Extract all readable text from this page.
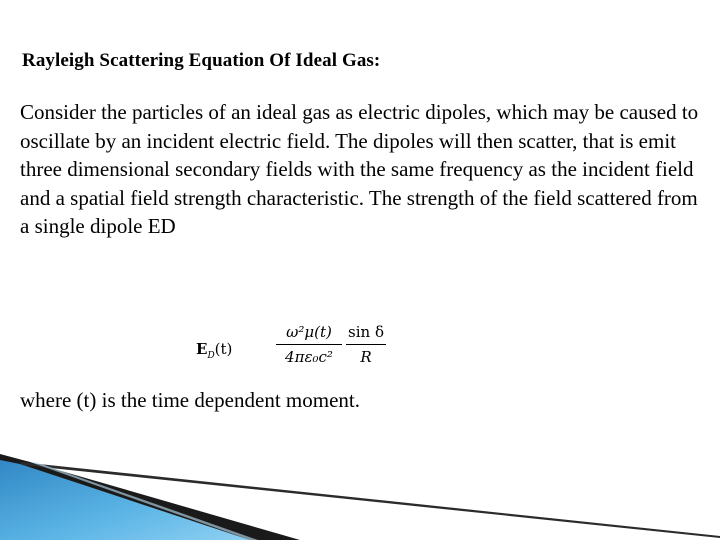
Rayleigh Scattering Equation Of Ideal Gas:
Consider the particles of an ideal gas as electric dipoles, which may be caused to oscillate by an incident electric field. The dipoles will then scatter, that is emit three dimensional secondary fields with the same frequency as the incident field and a spatial field strength characteristic. The strength of the field scattered from a single dipole ED
$E_D(t)$
ω²μ(t)
4πε₀c²
sin δ
R
where (t) is the time dependent moment.
